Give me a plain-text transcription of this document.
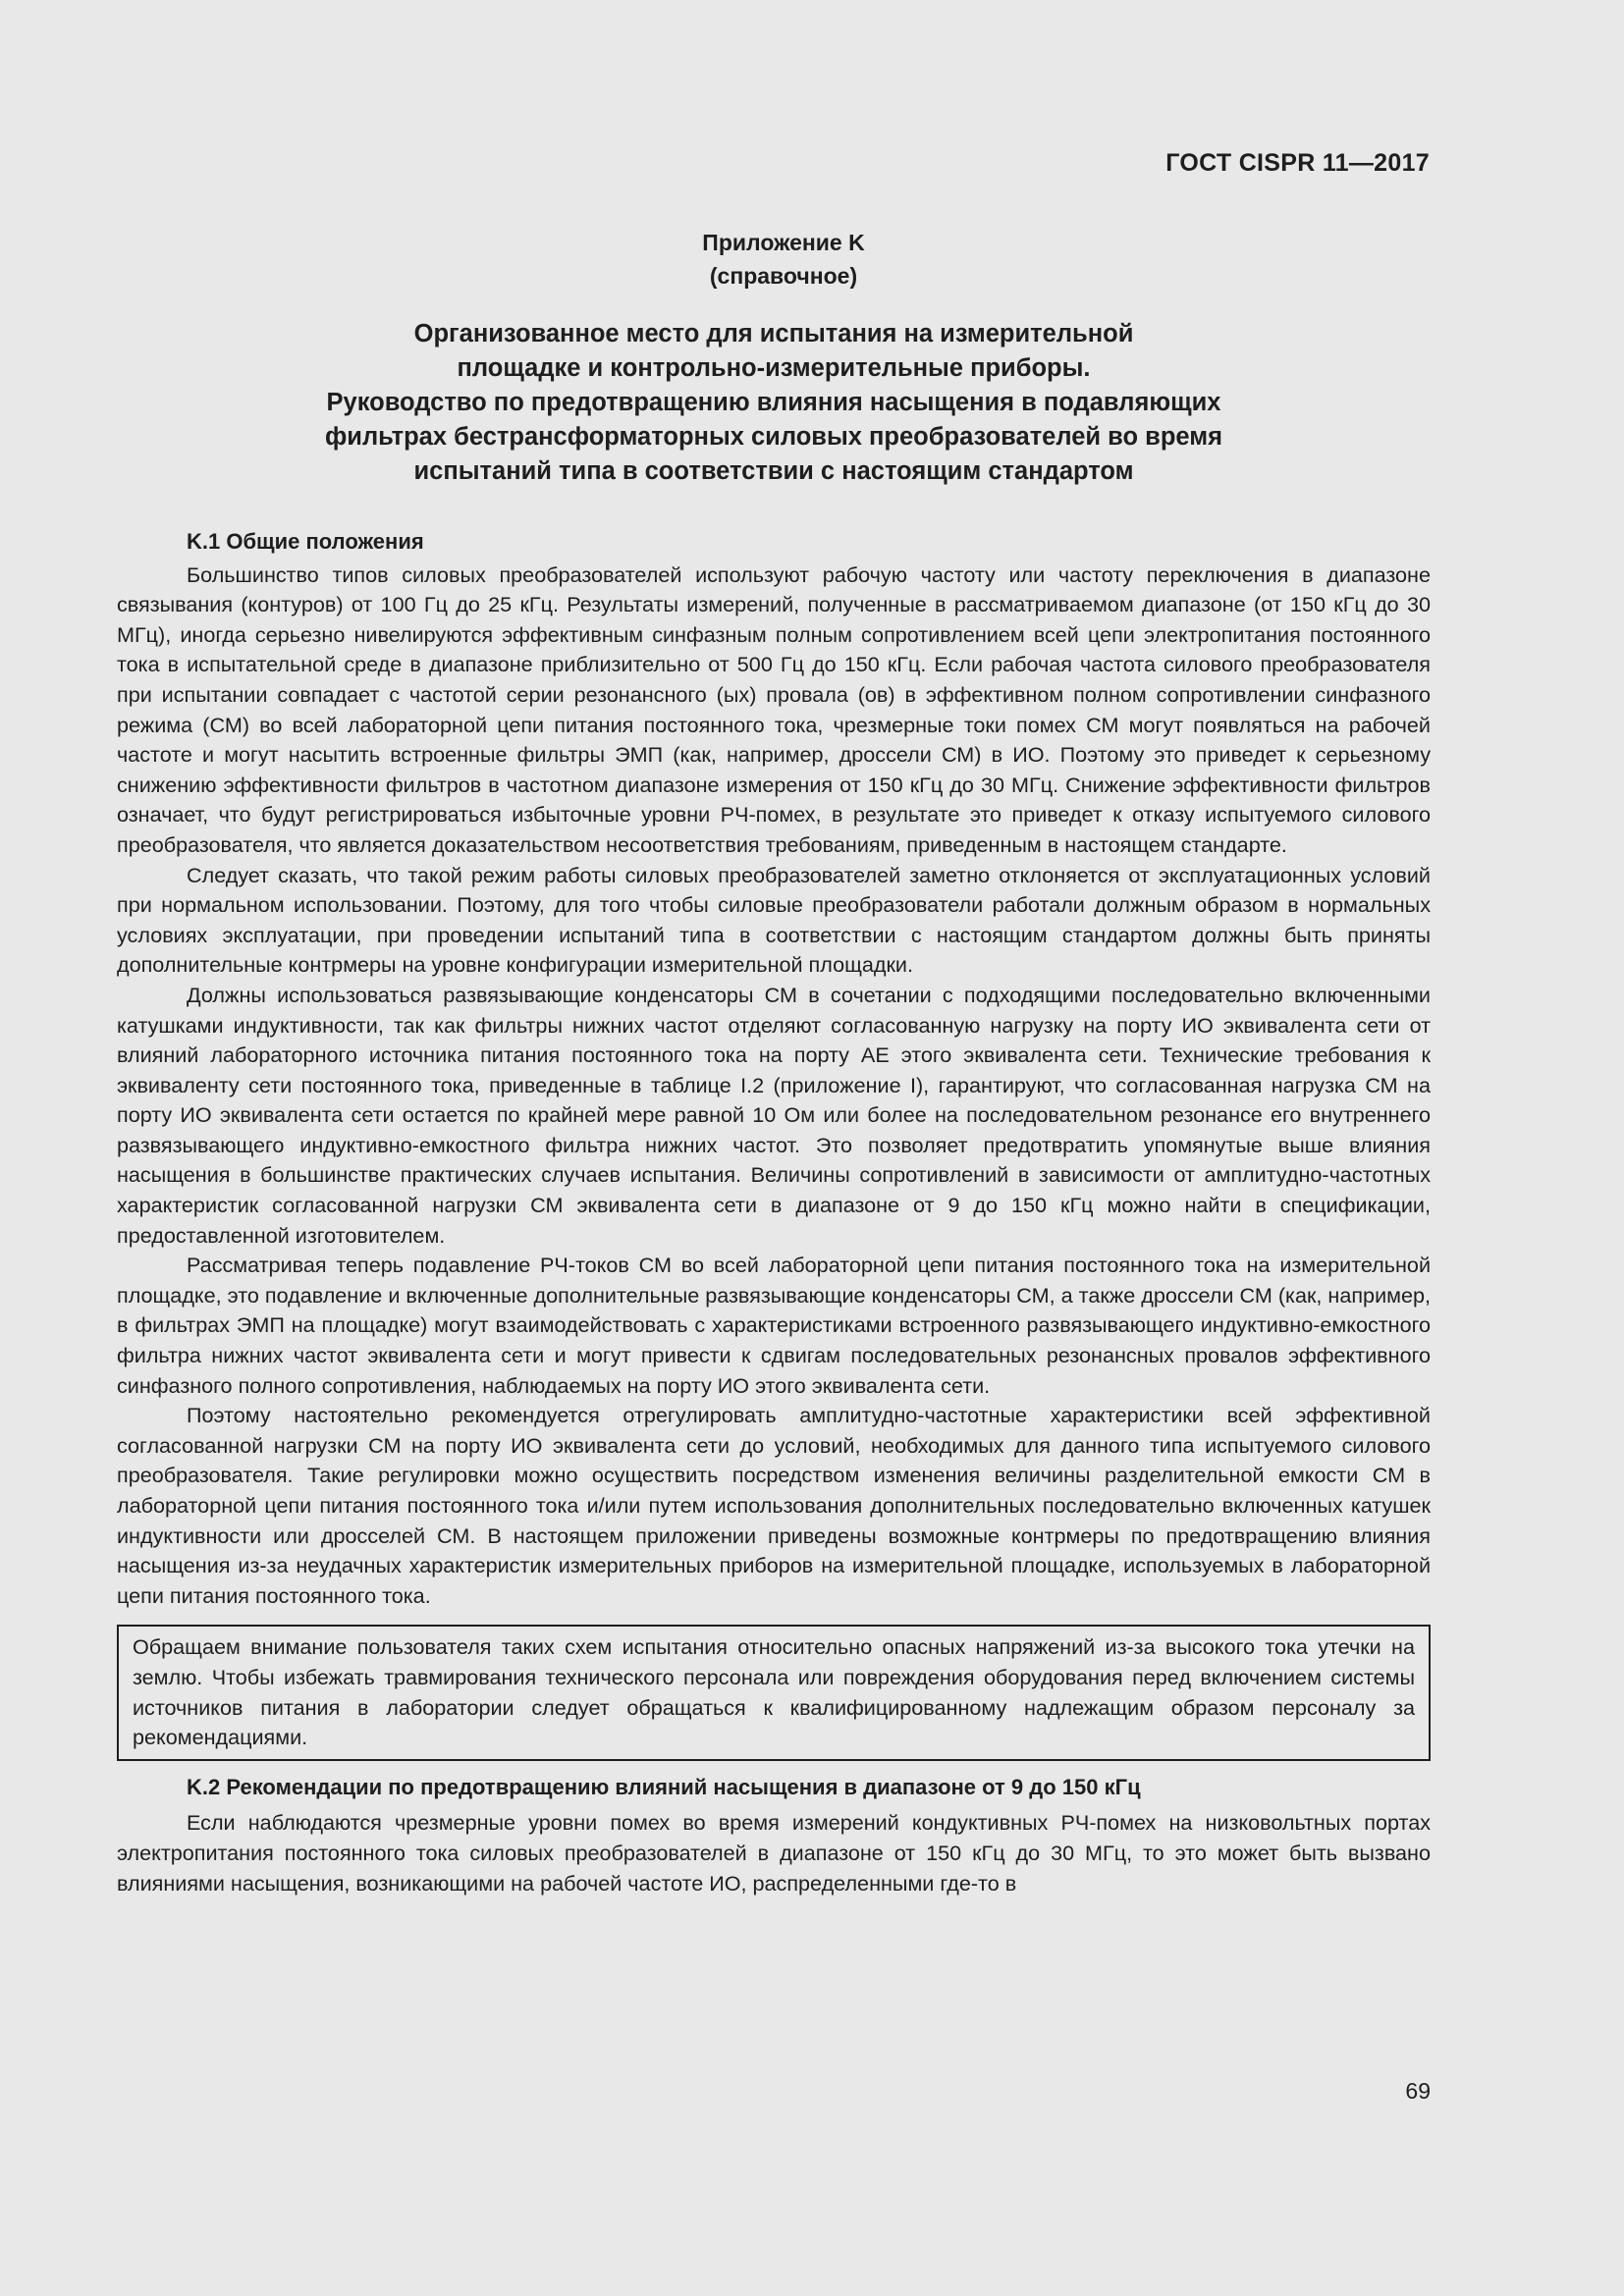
ГОСТ CISPR 11—2017
Приложение K
(справочное)
Организованное место для испытания на измерительной
площадке и контрольно-измерительные приборы.
Руководство по предотвращению влияния насыщения в подавляющих
фильтрах бестрансформаторных силовых преобразователей во время
испытаний типа в соответствии с настоящим стандартом
K.1 Общие положения

Большинство типов силовых преобразователей используют рабочую частоту или частоту переключения в диапазоне связывания (контуров) от 100 Гц до 25 кГц. Результаты измерений, полученные в рассматриваемом диапазоне (от 150 кГц до 30 МГц), иногда серьезно нивелируются эффективным синфазным полным сопротивлением всей цепи электропитания постоянного тока в испытательной среде в диапазоне приблизительно от 500 Гц до 150 кГц. Если рабочая частота силового преобразователя при испытании совпадает с частотой серии резонансного (ых) провала (ов) в эффективном полном сопротивлении синфазного режима (СМ) во всей лабораторной цепи питания постоянного тока, чрезмерные токи помех СМ могут появляться на рабочей частоте и могут насытить встроенные фильтры ЭМП (как, например, дроссели СМ) в ИО. Поэтому это приведет к серьезному снижению эффективности фильтров в частотном диапазоне измерения от 150 кГц до 30 МГц. Снижение эффективности фильтров означает, что будут регистрироваться избыточные уровни РЧ-помех, в результате это приведет к отказу испытуемого силового преобразователя, что является доказательством несоответствия требованиям, приведенным в настоящем стандарте.

Следует сказать, что такой режим работы силовых преобразователей заметно отклоняется от эксплуатационных условий при нормальном использовании. Поэтому, для того чтобы силовые преобразователи работали должным образом в нормальных условиях эксплуатации, при проведении испытаний типа в соответствии с настоящим стандартом должны быть приняты дополнительные контрмеры на уровне конфигурации измерительной площадки.

Должны использоваться развязывающие конденсаторы СМ в сочетании с подходящими последовательно включенными катушками индуктивности, так как фильтры нижних частот отделяют согласованную нагрузку на порту ИО эквивалента сети от влияний лабораторного источника питания постоянного тока на порту АЕ этого эквивалента сети. Технические требования к эквиваленту сети постоянного тока, приведенные в таблице I.2 (приложение I), гарантируют, что согласованная нагрузка СМ на порту ИО эквивалента сети остается по крайней мере равной 10 Ом или более на последовательном резонансе его внутреннего развязывающего индуктивно-емкостного фильтра нижних частот. Это позволяет предотвратить упомянутые выше влияния насыщения в большинстве практических случаев испытания. Величины сопротивлений в зависимости от амплитудно-частотных характеристик согласованной нагрузки СМ эквивалента сети в диапазоне от 9 до 150 кГц можно найти в спецификации, предоставленной изготовителем.

Рассматривая теперь подавление РЧ-токов СМ во всей лабораторной цепи питания постоянного тока на измерительной площадке, это подавление и включенные дополнительные развязывающие конденсаторы СМ, а также дроссели СМ (как, например, в фильтрах ЭМП на площадке) могут взаимодействовать с характеристиками встроенного развязывающего индуктивно-емкостного фильтра нижних частот эквивалента сети и могут привести к сдвигам последовательных резонансных провалов эффективного синфазного полного сопротивления, наблюдаемых на порту ИО этого эквивалента сети.

Поэтому настоятельно рекомендуется отрегулировать амплитудно-частотные характеристики всей эффективной согласованной нагрузки СМ на порту ИО эквивалента сети до условий, необходимых для данного типа испытуемого силового преобразователя. Такие регулировки можно осуществить посредством изменения величины разделительной емкости СМ в лабораторной цепи питания постоянного тока и/или путем использования дополнительных последовательно включенных катушек индуктивности или дросселей СМ. В настоящем приложении приведены возможные контрмеры по предотвращению влияния насыщения из-за неудачных характеристик измерительных приборов на измерительной площадке, используемых в лабораторной цепи питания постоянного тока.

Обращаем внимание пользователя таких схем испытания относительно опасных напряжений из-за высокого тока утечки на землю. Чтобы избежать травмирования технического персонала или повреждения оборудования перед включением системы источников питания в лаборатории следует обращаться к квалифицированному надлежащим образом персоналу за рекомендациями.
K.2 Рекомендации по предотвращению влияний насыщения в диапазоне от 9 до 150 кГц

Если наблюдаются чрезмерные уровни помех во время измерений кондуктивных РЧ-помех на низковольтных портах электропитания постоянного тока силовых преобразователей в диапазоне от 150 кГц до 30 МГц, то это может быть вызвано влияниями насыщения, возникающими на рабочей частоте ИО, распределенными где-то в

69
